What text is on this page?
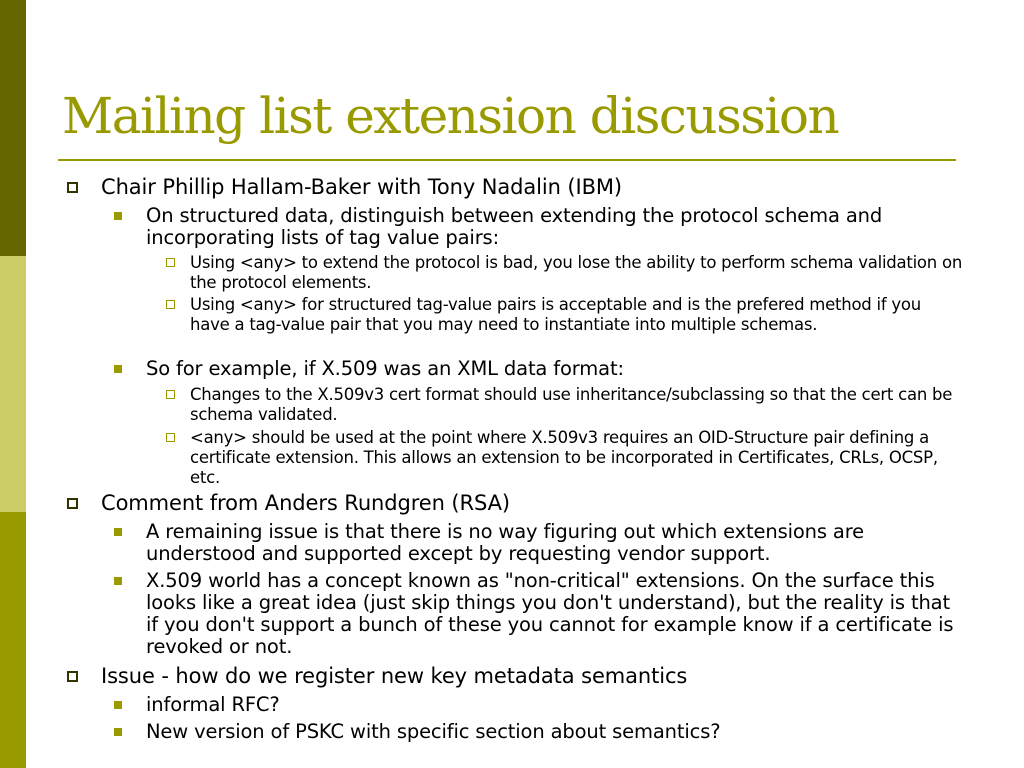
Mailing list extension discussion
Chair Phillip Hallam-Baker with Tony Nadalin (IBM)
On structured data, distinguish between extending the protocol schema and incorporating lists of tag value pairs:
Using <any> to extend the protocol is bad, you lose the ability to perform schema validation on the protocol elements.
Using <any> for structured tag-value pairs is acceptable and is the prefered method if you have a tag-value pair that you may need to instantiate into multiple schemas.
So for example, if X.509 was an XML data format:
Changes to the X.509v3 cert format should use inheritance/subclassing so that the cert can be schema validated.
<any> should be used at the point where X.509v3 requires an OID-Structure pair defining a certificate extension. This allows an extension to be incorporated in Certificates, CRLs, OCSP, etc.
Comment from Anders Rundgren (RSA)
A remaining issue is that there is no way figuring out which extensions are understood and supported except by requesting vendor support.
X.509 world has a concept known as "non-critical" extensions. On the surface this looks like a great idea (just skip things you don't understand), but the reality is that if you don't support a bunch of these you cannot for example know if a certificate is revoked or not.
Issue - how do we register new key metadata semantics
informal RFC?
New version of PSKC with specific section about semantics?
